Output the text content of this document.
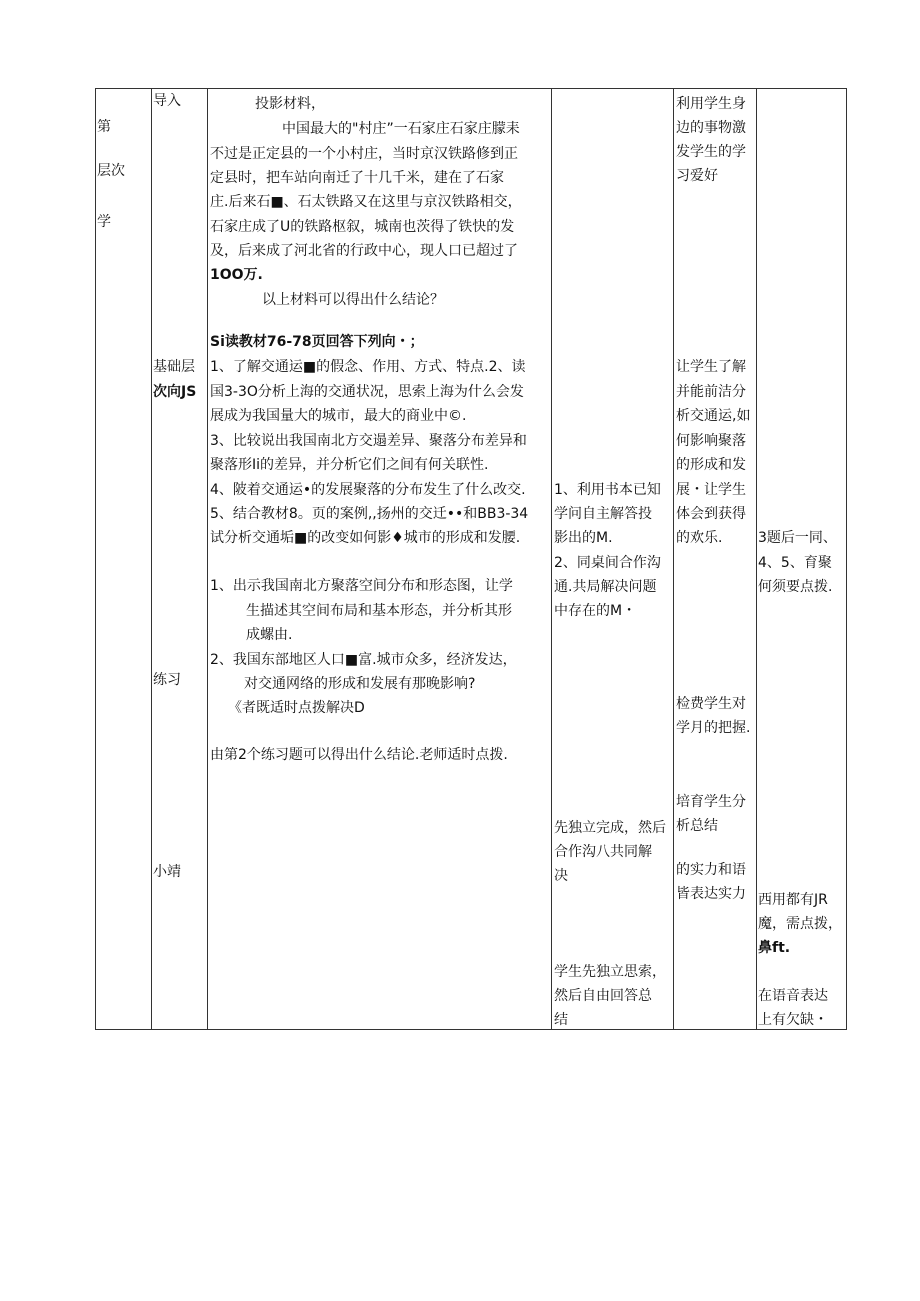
第
层次
学
导入
基础层
次向JS
练习
小靖
投影材料，
中国最大的"村庄”一石家庄石家庄朦耒
不过是正定县的一个小村庄，当时京汉铁路修到正
定县时，把车站向南迁了十几千米，建在了石家
庄.后来石■、石太铁路又在这里与京汉铁路相交，
石家庄成了U的铁路枢叙，城南也茨得了铁快的发
及，后来成了河北省的行政中心，现人口已超过了
1OO万.
以上材料可以得出什么结论？
Si读教材76-78页回答下列向・；
1、了解交通运■的假念、作用、方式、特点.2、读
国3-3O分析上海的交通状况，思索上海为什么会发
展成为我国量大的城市，最大的商业中©.
3、比较说出我国南北方交遢差异、聚落分布差异和
聚落形Ii的差异，并分析它们之间有何关联性.
4、陂着交通运•的发展聚落的分布发生了什么改交.
5、结合教材8。页的案例,,扬州的交迁••和BB3-34
试分析交通垢■的改变如何影♦城市的形成和发腰.
1、出示我国南北方聚落空间分布和形态图，让学
生描述其空间布局和基本形态，并分析其形
成螺由.
2、我国东部地区人口■富.城市众多，经济发达，
对交通网络的形成和发展有那晚影响?
《者既适时点拨解决D
由第2个练习题可以得出什么结论.老师适时点拨.
1、利用书本已知
学问自主解答投
影出的M.
2、同桌间合作沟
通.共局解决问题
中存在的M・
先独立完成，然后
合作沟八共同解
决
学生先独立思索，
然后自由回答总
结
利用学生身
边的事物激
发学生的学
习爱好
让学生了解
并能前洁分
析交通运,如
何影响聚落
的形成和发
展・让学生
体会到获得
的欢乐.
检费学生对
学月的把握.
培育学生分
析总结
的实力和语
皆表达实力
3题后一同、
4、5、育聚
何须要点拨.
西用都有JR
魔，需点拨，
鼻ft.
在语音表达
上有欠缺・
